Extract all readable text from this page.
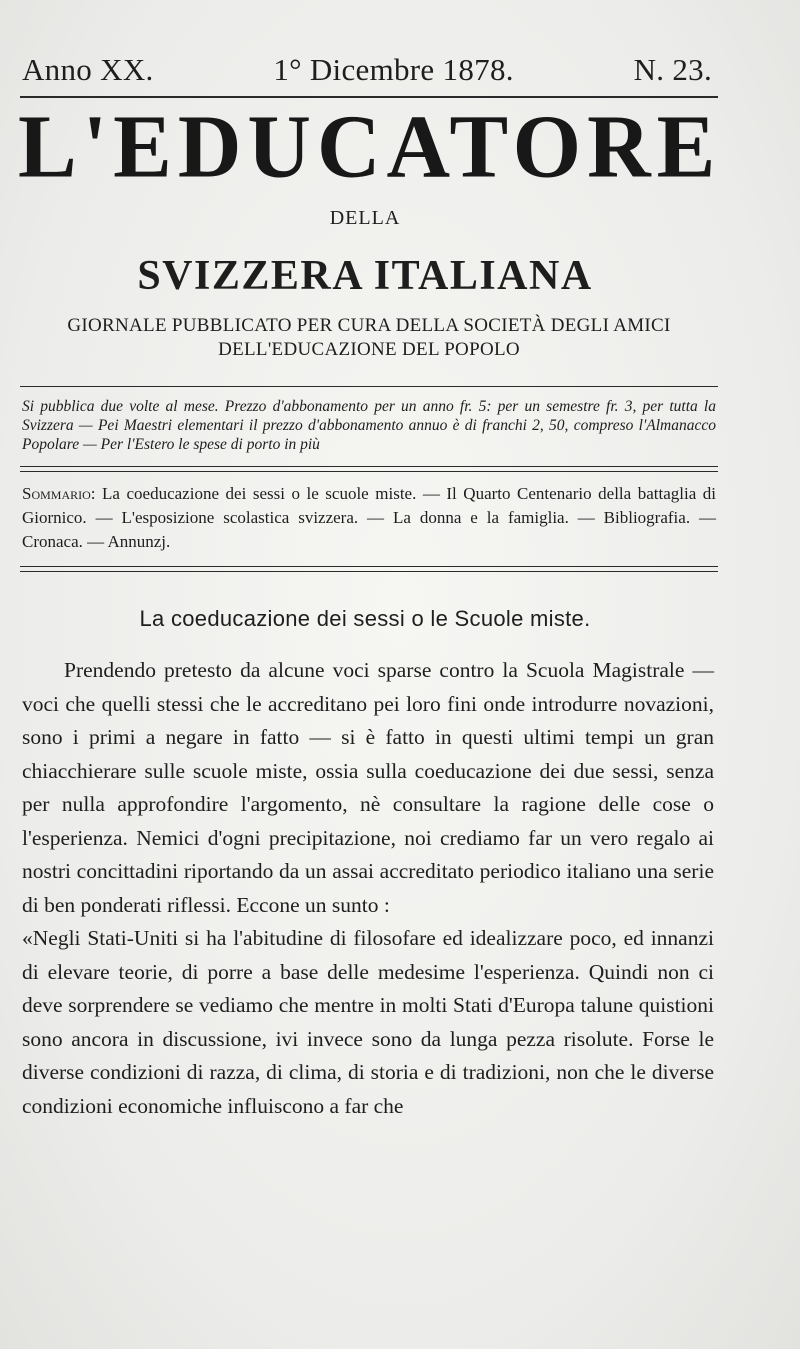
Anno XX.	1° Dicembre 1878.	N. 23.
L'EDUCATORE
DELLA
SVIZZERA ITALIANA
GIORNALE PUBBLICATO PER CURA DELLA SOCIETÀ DEGLI AMICI
DELL'EDUCAZIONE DEL POPOLO
Si pubblica due volte al mese. Prezzo d'abbonamento per un anno fr. 5: per un semestre fr. 3, per tutta la Svizzera — Pei Maestri elementari il prezzo d'abbonamento annuo è di franchi 2, 50, compreso l'Almanacco Popolare — Per l'Estero le spese di porto in più
Sommario: La coeducazione dei sessi o le scuole miste. — Il Quarto Centenario della battaglia di Giornico. — L'esposizione scolastica svizzera. — La donna e la famiglia. — Bibliografia. — Cronaca. — Annunzj.
La coeducazione dei sessi o le Scuole miste.

Prendendo pretesto da alcune voci sparse contro la Scuola Magistrale — voci che quelli stessi che le accreditano pei loro fini onde introdurre novazioni, sono i primi a negare in fatto — si è fatto in questi ultimi tempi un gran chiacchierare sulle scuole miste, ossia sulla coeducazione dei due sessi, senza per nulla approfondire l'argomento, nè consultare la ragione delle cose o l'esperienza. Nemici d'ogni precipitazione, noi crediamo far un vero regalo ai nostri concittadini riportando da un assai accreditato periodico italiano una serie di ben ponderati riflessi. Eccone un sunto :

«Negli Stati-Uniti si ha l'abitudine di filosofare ed idealizzare poco, ed innanzi di elevare teorie, di porre a base delle medesime l'esperienza. Quindi non ci deve sorprendere se vediamo che mentre in molti Stati d'Europa talune quistioni sono ancora in discussione, ivi invece sono da lunga pezza risolute. Forse le diverse condizioni di razza, di clima, di storia e di tradizioni, non che le diverse condizioni economiche influiscono a far che
